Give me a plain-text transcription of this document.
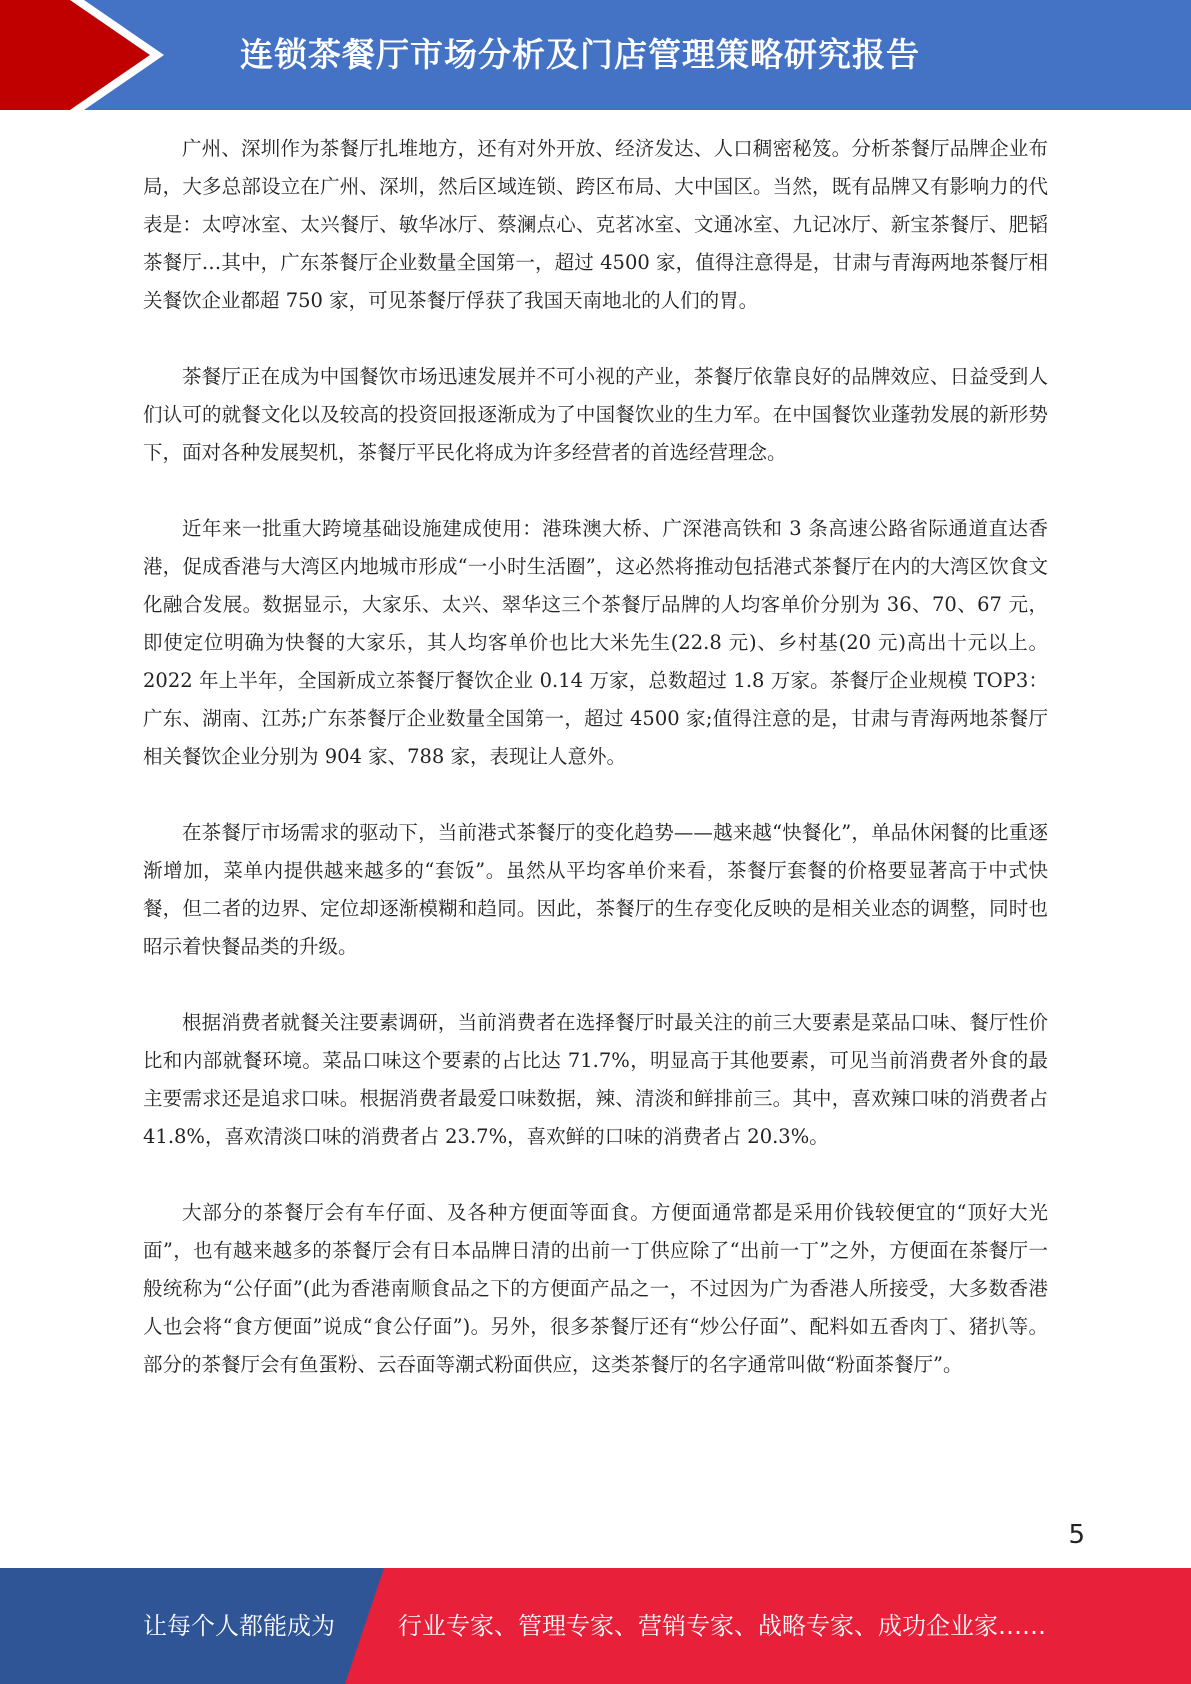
连锁茶餐厅市场分析及门店管理策略研究报告

广州、深圳作为茶餐厅扎堆地方，还有对外开放、经济发达、人口稠密秘笈。分析茶餐厅品牌企业布局，大多总部设立在广州、深圳，然后区域连锁、跨区布局、大中国区。当然，既有品牌又有影响力的代表是：太哼冰室、太兴餐厅、敏华冰厅、蔡澜点心、克茗冰室、文通冰室、九记冰厅、新宝茶餐厅、肥韬茶餐厅…其中，广东茶餐厅企业数量全国第一，超过 4500 家，值得注意得是，甘肃与青海两地茶餐厅相关餐饮企业都超 750 家，可见茶餐厅俘获了我国天南地北的人们的胃。

茶餐厅正在成为中国餐饮市场迅速发展并不可小视的产业，茶餐厅依靠良好的品牌效应、日益受到人们认可的就餐文化以及较高的投资回报逐渐成为了中国餐饮业的生力军。在中国餐饮业蓬勃发展的新形势下，面对各种发展契机，茶餐厅平民化将成为许多经营者的首选经营理念。

近年来一批重大跨境基础设施建成使用：港珠澳大桥、广深港高铁和 3 条高速公路省际通道直达香港，促成香港与大湾区内地城市形成“一小时生活圈”，这必然将推动包括港式茶餐厅在内的大湾区饮食文化融合发展。数据显示，大家乐、太兴、翠华这三个茶餐厅品牌的人均客单价分别为 36、70、67 元，即使定位明确为快餐的大家乐，其人均客单价也比大米先生(22.8 元)、乡村基(20 元)高出十元以上。2022 年上半年，全国新成立茶餐厅餐饮企业 0.14 万家，总数超过 1.8 万家。茶餐厅企业规模 TOP3：广东、湖南、江苏;广东茶餐厅企业数量全国第一，超过 4500 家;值得注意的是，甘肃与青海两地茶餐厅相关餐饮企业分别为 904 家、788 家，表现让人意外。

在茶餐厅市场需求的驱动下，当前港式茶餐厅的变化趋势——越来越“快餐化”，单品休闲餐的比重逐渐增加，菜单内提供越来越多的“套饭”。虽然从平均客单价来看，茶餐厅套餐的价格要显著高于中式快餐，但二者的边界、定位却逐渐模糊和趋同。因此，茶餐厅的生存变化反映的是相关业态的调整，同时也昭示着快餐品类的升级。

根据消费者就餐关注要素调研，当前消费者在选择餐厅时最关注的前三大要素是菜品口味、餐厅性价比和内部就餐环境。菜品口味这个要素的占比达 71.7%，明显高于其他要素，可见当前消费者外食的最主要需求还是追求口味。根据消费者最爱口味数据，辣、清淡和鲜排前三。其中，喜欢辣口味的消费者占 41.8%，喜欢清淡口味的消费者占 23.7%，喜欢鲜的口味的消费者占 20.3%。

大部分的茶餐厅会有车仔面、及各种方便面等面食。方便面通常都是采用价钱较便宜的“顶好大光面”，也有越来越多的茶餐厅会有日本品牌日清的出前一丁供应除了“出前一丁”之外，方便面在茶餐厅一般统称为“公仔面”(此为香港南顺食品之下的方便面产品之一，不过因为广为香港人所接受，大多数香港人也会将“食方便面”说成“食公仔面”)。另外，很多茶餐厅还有“炒公仔面”、配料如五香肉丁、猪扒等。部分的茶餐厅会有鱼蛋粉、云吞面等潮式粉面供应，这类茶餐厅的名字通常叫做“粉面茶餐厅”。

5
让每个人都能成为	行业专家、管理专家、营销专家、战略专家、成功企业家……
